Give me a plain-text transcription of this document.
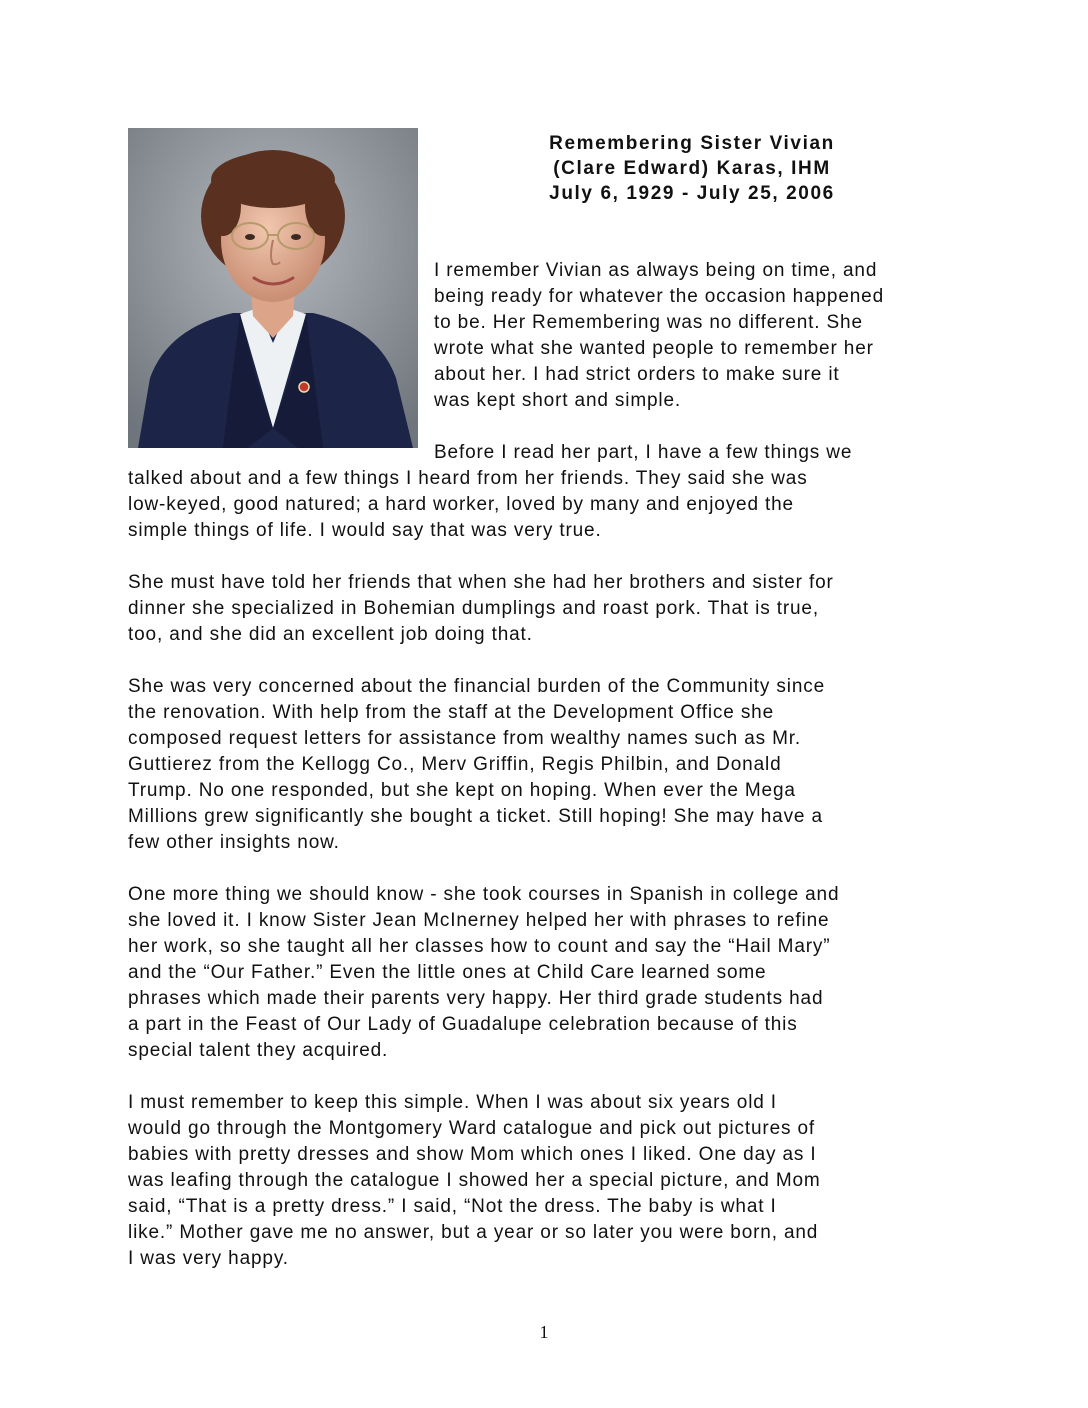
Remembering Sister Vivian
(Clare Edward) Karas, IHM
July 6, 1929 - July 25, 2006
I remember Vivian as always being on time, and
being ready for whatever the occasion happened
to be. Her Remembering was no different. She
wrote what she wanted people to remember her
about her. I had strict orders to make sure it
was kept short and simple.
Before I read her part, I have a few things we
talked about and a few things I heard from her friends. They said she was
low-keyed, good natured; a hard worker, loved by many and enjoyed the
simple things of life. I would say that was very true.
She must have told her friends that when she had her brothers and sister for
dinner she specialized in Bohemian dumplings and roast pork. That is true,
too, and she did an excellent job doing that.
She was very concerned about the financial burden of the Community since
the renovation. With help from the staff at the Development Office she
composed request letters for assistance from wealthy names such as Mr.
Guttierez from the Kellogg Co., Merv Griffin, Regis Philbin, and Donald
Trump. No one responded, but she kept on hoping. When ever the Mega
Millions grew significantly she bought a ticket. Still hoping! She may have a
few other insights now.
One more thing we should know - she took courses in Spanish in college and
she loved it. I know Sister Jean McInerney helped her with phrases to refine
her work, so she taught all her classes how to count and say the “Hail Mary”
and the “Our Father.” Even the little ones at Child Care learned some
phrases which made their parents very happy. Her third grade students had
a part in the Feast of Our Lady of Guadalupe celebration because of this
special talent they acquired.
I must remember to keep this simple. When I was about six years old I
would go through the Montgomery Ward catalogue and pick out pictures of
babies with pretty dresses and show Mom which ones I liked. One day as I
was leafing through the catalogue I showed her a special picture, and Mom
said, “That is a pretty dress.” I said, “Not the dress. The baby is what I
like.” Mother gave me no answer, but a year or so later you were born, and
I was very happy.
1
